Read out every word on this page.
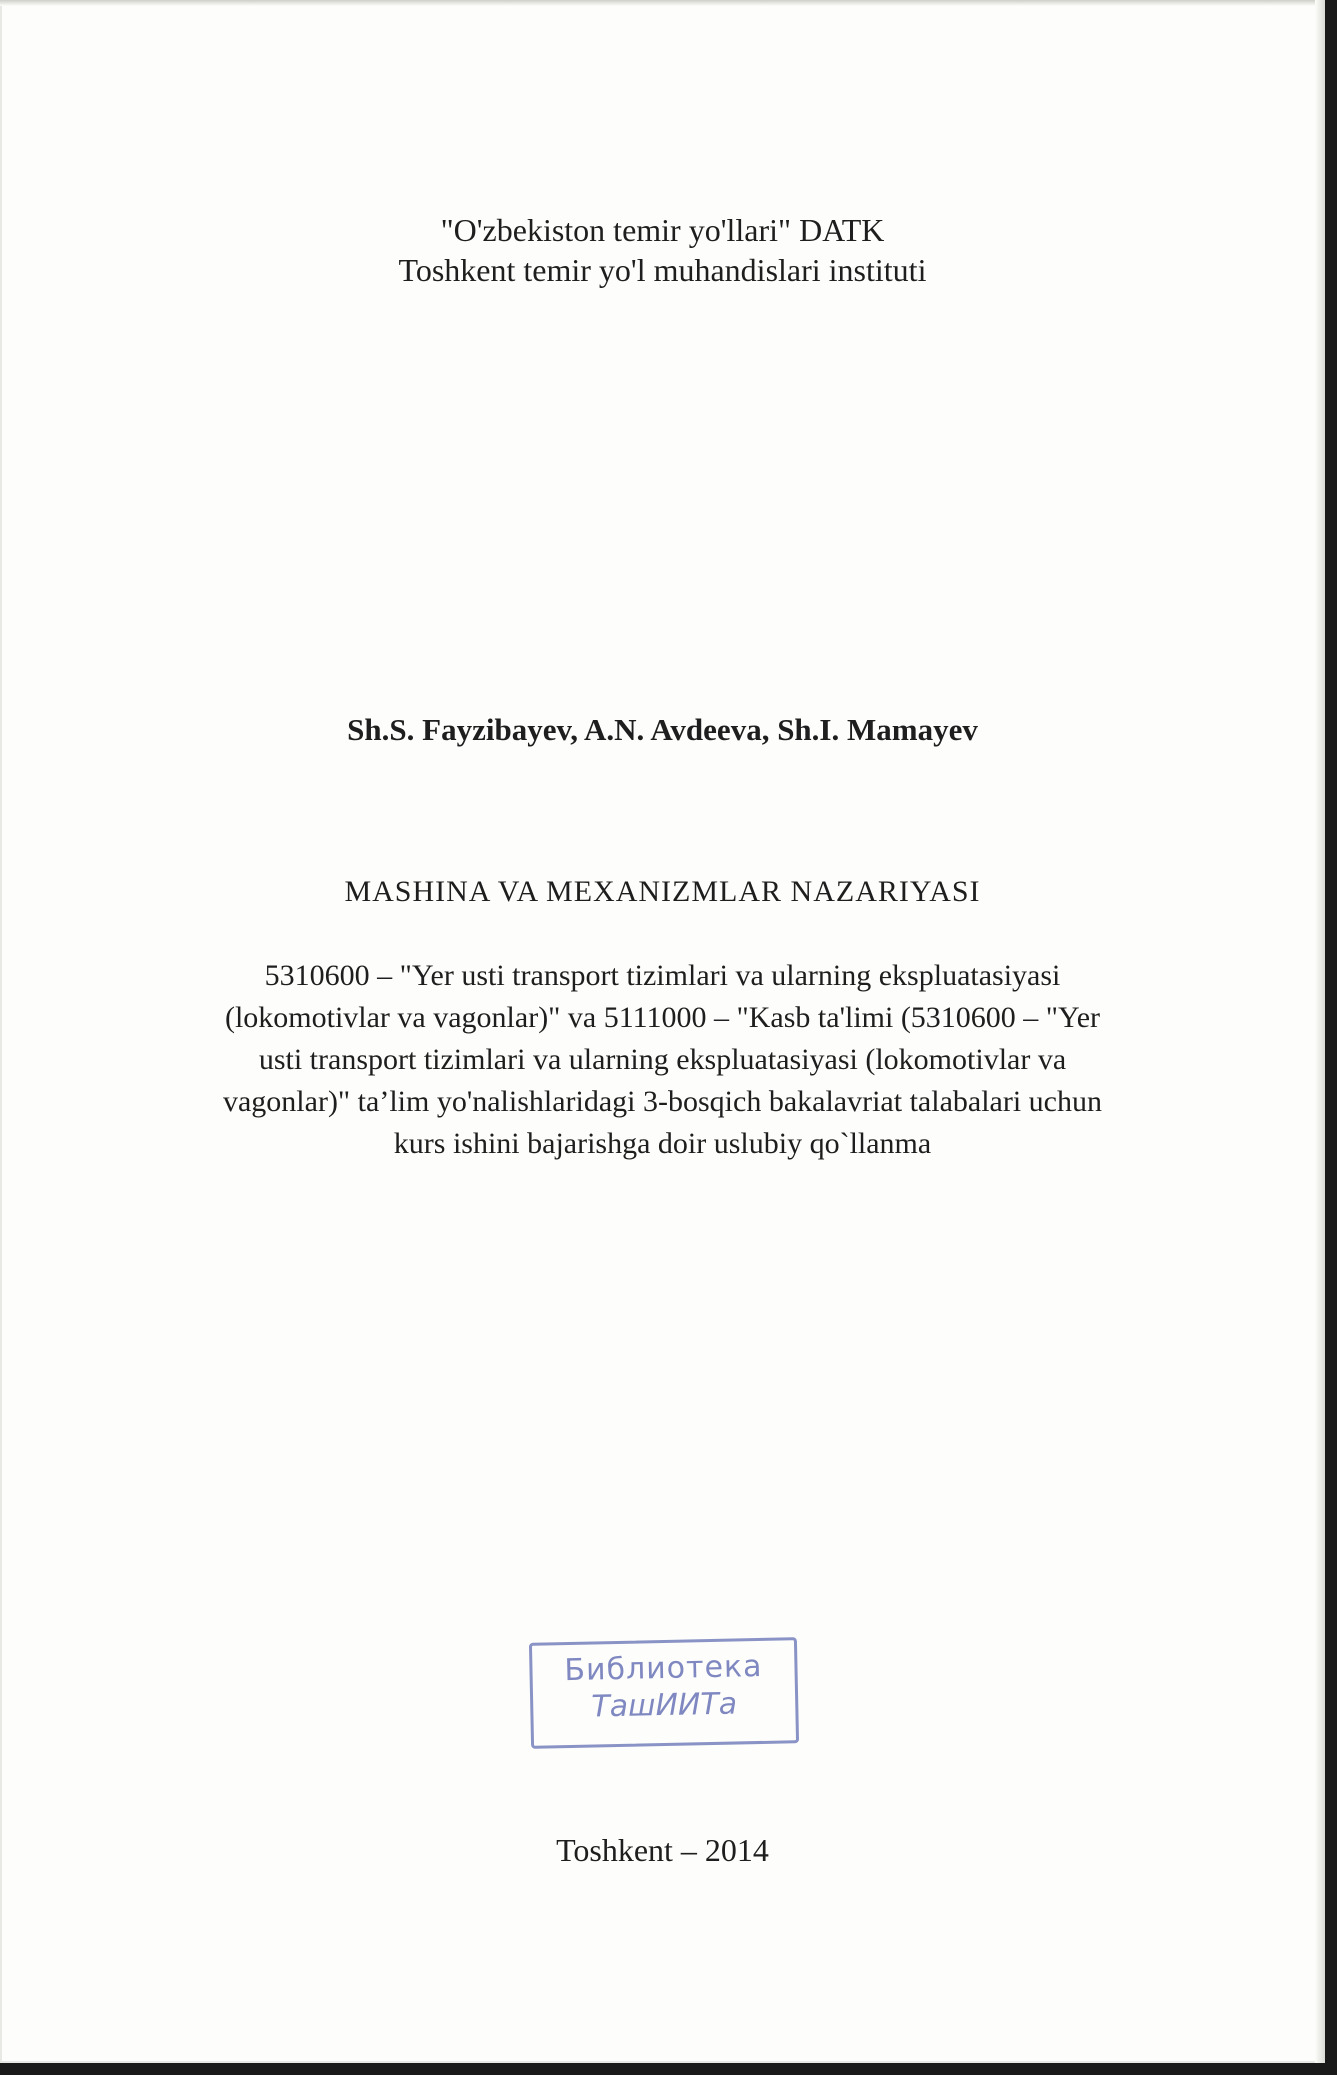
"O'zbekiston temir yo'llari" DATK
Toshkent temir yo'l muhandislari instituti
Sh.S. Fayzibayev, A.N. Avdeeva, Sh.I. Mamayev
MASHINA VA MEXANIZMLAR NAZARIYASI
5310600 – "Yer usti transport tizimlari va ularning ekspluatasiyasi
(lokomotivlar va vagonlar)" va 5111000 – "Kasb ta'limi (5310600 – "Yer
usti transport tizimlari va ularning ekspluatasiyasi (lokomotivlar va
vagonlar)" ta’lim yo'nalishlaridagi 3-bosqich bakalavriat talabalari uchun
kurs ishini bajarishga doir uslubiy qo`llanma
Библиотека
ТашИИТа
Toshkent – 2014
